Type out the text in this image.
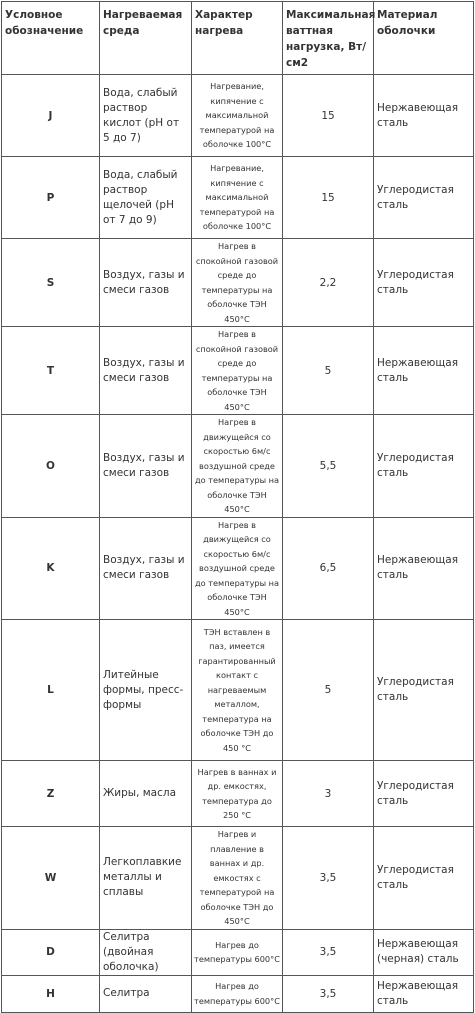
Условное обозначение	Нагреваемая среда	Характер нагрева	Максимальная ваттная нагрузка, Вт/см2	Материал оболочки
J	Вода, слабый раствор кислот (рН от 5 до 7)	Нагревание, кипячение с максимальной температурой на оболочке 100°С	15	Нержавеющая сталь
P	Вода, слабый раствор щелочей (рН от 7 до 9)	Нагревание, кипячение с максимальной температурой на оболочке 100°С	15	Углеродистая сталь
S	Воздух, газы и смеси газов	Нагрев в спокойной газовой среде до температуры на оболочке ТЭН 450°С	2,2	Углеродистая сталь
T	Воздух, газы и смеси газов	Нагрев в спокойной газовой среде до температуры на оболочке ТЭН 450°С	5	Нержавеющая сталь
O	Воздух, газы и смеси газов	Нагрев в движущейся со скоростью 6м/с воздушной среде до температуры на оболочке ТЭН 450°С	5,5	Углеродистая сталь
K	Воздух, газы и смеси газов	Нагрев в движущейся со скоростью 6м/с воздушной среде до температуры на оболочке ТЭН 450°С	6,5	Нержавеющая сталь
L	Литейные формы, пресс-формы	ТЭН вставлен в паз, имеется гарантированный контакт с нагреваемым металлом, температура на оболочке ТЭН до 450 °С	5	Углеродистая сталь
Z	Жиры, масла	Нагрев в ваннах и др. емкостях, температура до 250 °С	3	Углеродистая сталь
W	Легкоплавкие металлы и сплавы	Нагрев и плавление в ваннах и др. емкостях с температурой на оболочке ТЭН до 450°С	3,5	Углеродистая сталь
D	Селитра (двойная оболочка)	Нагрев до температуры 600°С	3,5	Нержавеющая (черная) сталь
H	Селитра	Нагрев до температуры 600°С	3,5	Нержавеющая сталь
